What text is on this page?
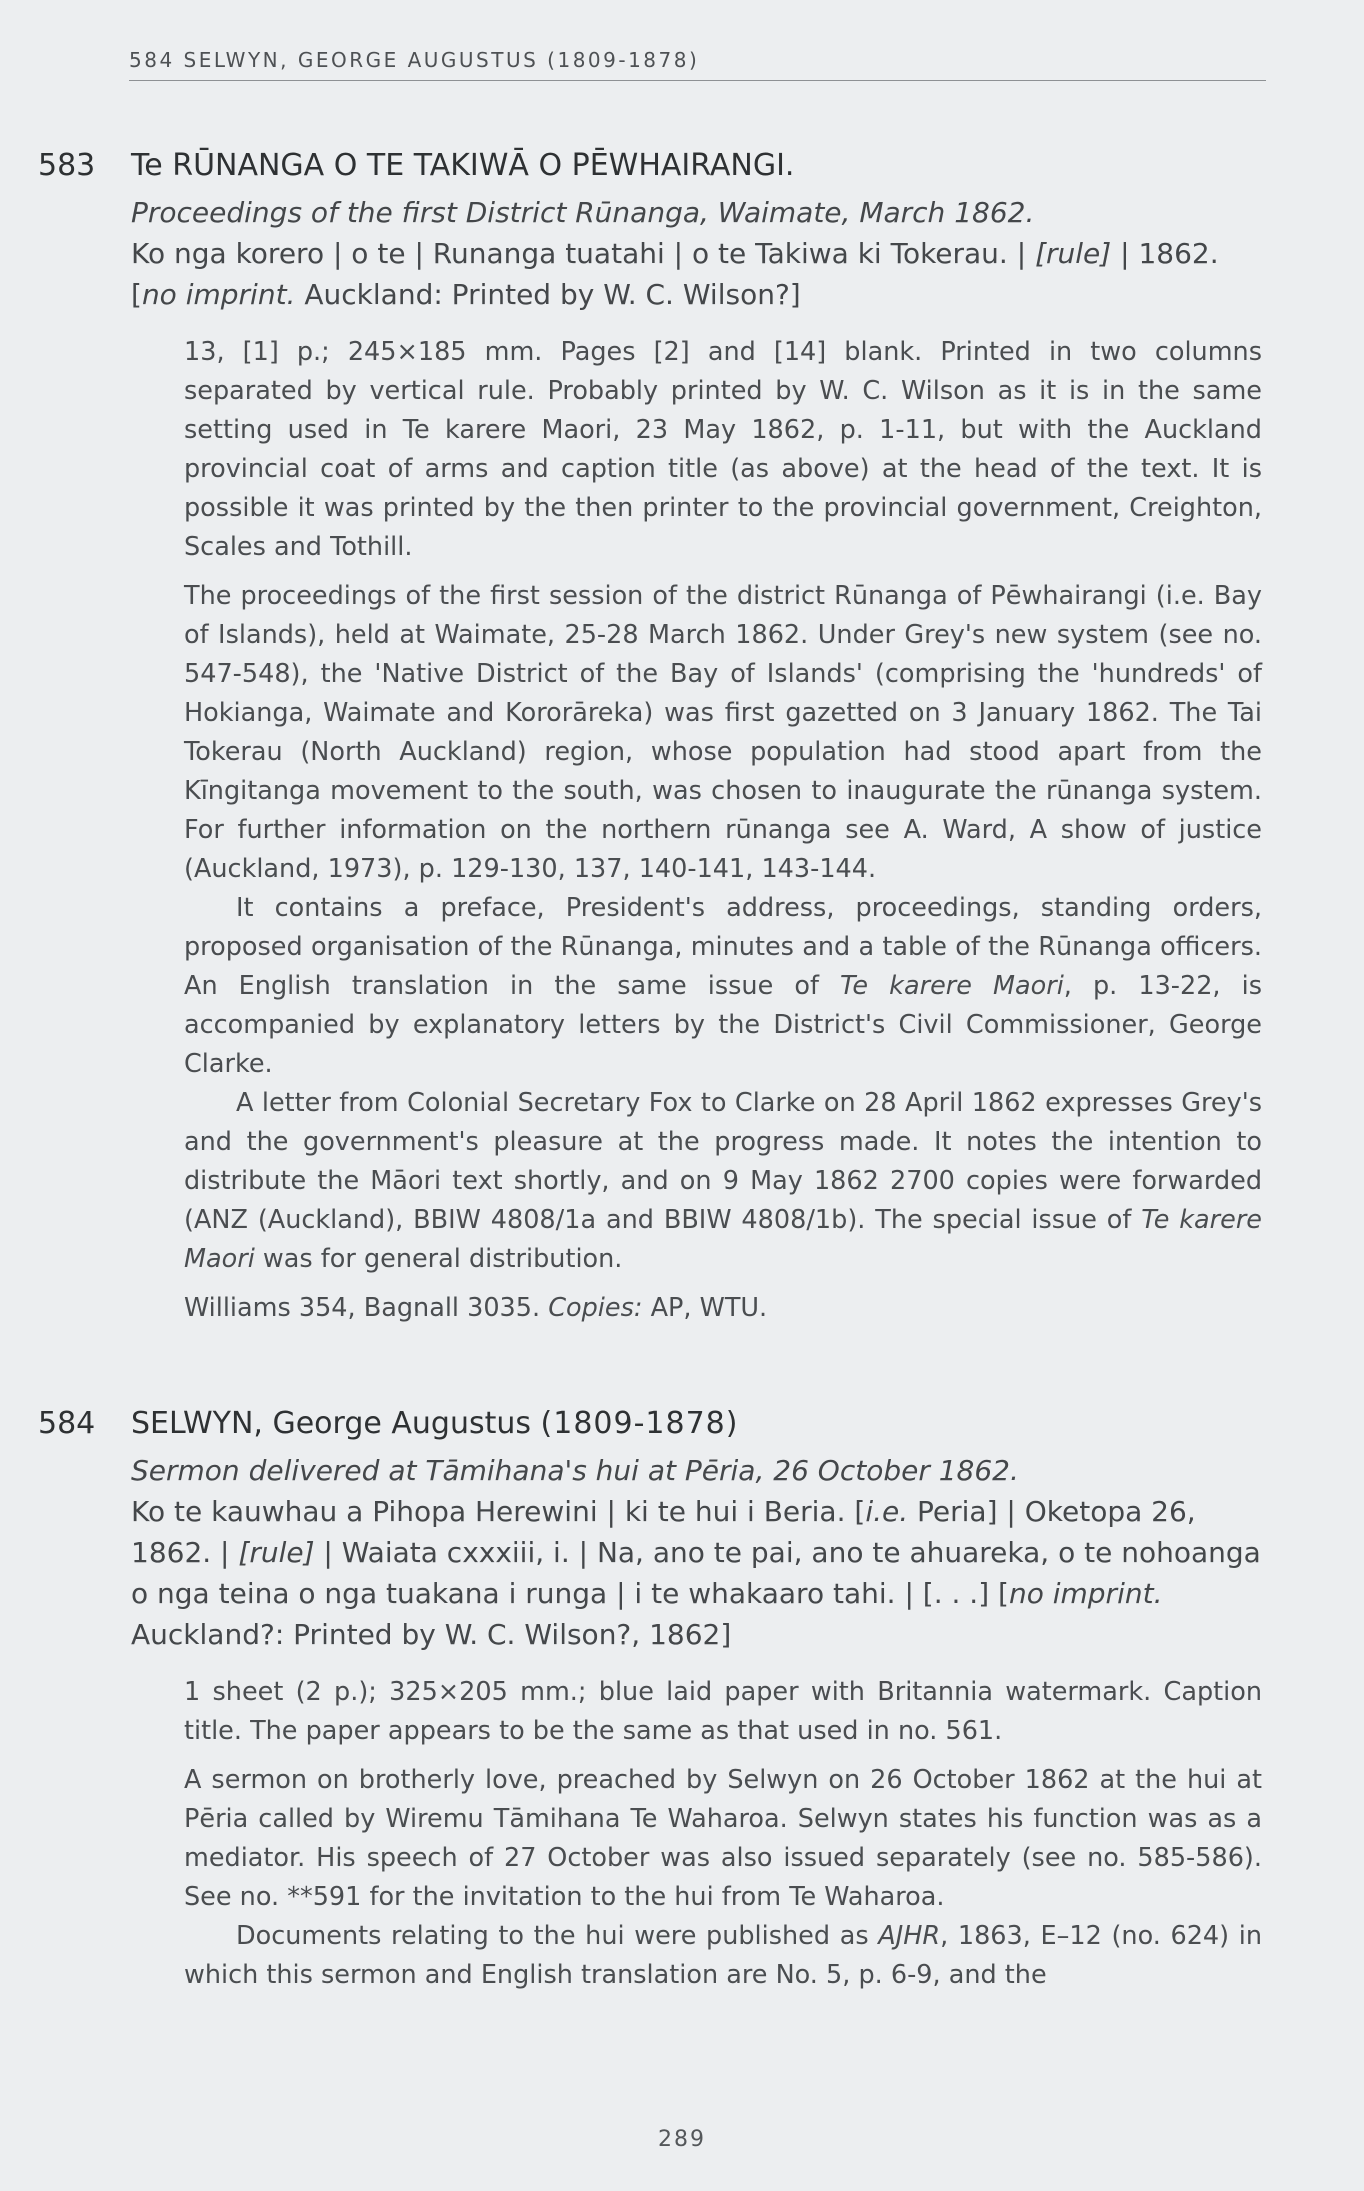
584 SELWYN, GEORGE AUGUSTUS (1809-1878)
583 Te RŪNANGA O TE TAKIWĀ O PĒWHAIRANGI.
Proceedings of the first District Rūnanga, Waimate, March 1862.
Ko nga korero | o te | Runanga tuatahi | o te Takiwa ki Tokerau. | [rule] | 1862. [no imprint. Auckland: Printed by W. C. Wilson?]

13, [1] p.; 245×185 mm. Pages [2] and [14] blank. Printed in two columns separated by vertical rule. Probably printed by W. C. Wilson as it is in the same setting used in Te karere Maori, 23 May 1862, p. 1-11, but with the Auckland provincial coat of arms and caption title (as above) at the head of the text. It is possible it was printed by the then printer to the provincial government, Creighton, Scales and Tothill.

The proceedings of the first session of the district Rūnanga of Pēwhairangi (i.e. Bay of Islands), held at Waimate, 25-28 March 1862. Under Grey's new system (see no. 547-548), the 'Native District of the Bay of Islands' (comprising the 'hundreds' of Hokianga, Waimate and Kororāreka) was first gazetted on 3 January 1862. The Tai Tokerau (North Auckland) region, whose population had stood apart from the Kīngitanga movement to the south, was chosen to inaugurate the rūnanga system. For further information on the northern rūnanga see A. Ward, A show of justice (Auckland, 1973), p. 129-130, 137, 140-141, 143-144.

It contains a preface, President's address, proceedings, standing orders, proposed organisation of the Rūnanga, minutes and a table of the Rūnanga officers. An English translation in the same issue of Te karere Maori, p. 13-22, is accompanied by explanatory letters by the District's Civil Commissioner, George Clarke.

A letter from Colonial Secretary Fox to Clarke on 28 April 1862 expresses Grey's and the government's pleasure at the progress made. It notes the intention to distribute the Māori text shortly, and on 9 May 1862 2700 copies were forwarded (ANZ (Auckland), BBIW 4808/1a and BBIW 4808/1b). The special issue of Te karere Maori was for general distribution.

Williams 354, Bagnall 3035. Copies: AP, WTU.

584 SELWYN, George Augustus (1809-1878)
Sermon delivered at Tāmihana's hui at Pēria, 26 October 1862.
Ko te kauwhau a Pihopa Herewini | ki te hui i Beria. [i.e. Peria] | Oketopa 26, 1862. | [rule] | Waiata cxxxiii, i. | Na, ano te pai, ano te ahuareka, o te nohoanga o nga teina o nga tuakana i runga | i te whakaaro tahi. | [. . .] [no imprint. Auckland?: Printed by W. C. Wilson?, 1862]

1 sheet (2 p.); 325×205 mm.; blue laid paper with Britannia watermark. Caption title. The paper appears to be the same as that used in no. 561.

A sermon on brotherly love, preached by Selwyn on 26 October 1862 at the hui at Pēria called by Wiremu Tāmihana Te Waharoa. Selwyn states his function was as a mediator. His speech of 27 October was also issued separately (see no. 585-586). See no. **591 for the invitation to the hui from Te Waharoa.

Documents relating to the hui were published as AJHR, 1863, E–12 (no. 624) in which this sermon and English translation are No. 5, p. 6-9, and the

289
